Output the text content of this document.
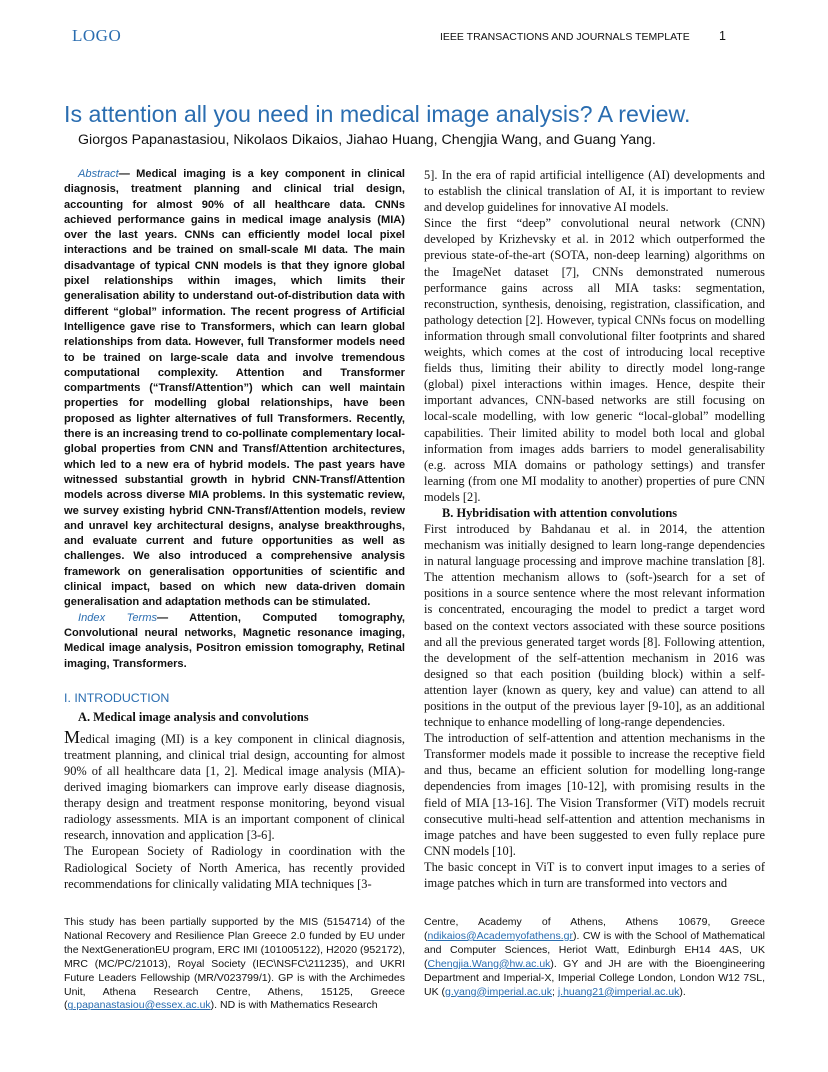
LOGO	IEEE TRANSACTIONS AND JOURNALS TEMPLATE 1
Is attention all you need in medical image analysis? A review.
Giorgos Papanastasiou, Nikolaos Dikaios, Jiahao Huang, Chengjia Wang, and Guang Yang.

Abstract— Medical imaging is a key component in clinical diagnosis, treatment planning and clinical trial design, accounting for almost 90% of all healthcare data. CNNs achieved performance gains in medical image analysis (MIA) over the last years. CNNs can efficiently model local pixel interactions and be trained on small-scale MI data. The main disadvantage of typical CNN models is that they ignore global pixel relationships within images, which limits their generalisation ability to understand out-of-distribution data with different “global” information. The recent progress of Artificial Intelligence gave rise to Transformers, which can learn global relationships from data. However, full Transformer models need to be trained on large-scale data and involve tremendous computational complexity. Attention and Transformer compartments (“Transf/Attention”) which can well maintain properties for modelling global relationships, have been proposed as lighter alternatives of full Transformers. Recently, there is an increasing trend to co-pollinate complementary local-global properties from CNN and Transf/Attention architectures, which led to a new era of hybrid models. The past years have witnessed substantial growth in hybrid CNN-Transf/Attention models across diverse MIA problems. In this systematic review, we survey existing hybrid CNN-Transf/Attention models, review and unravel key architectural designs, analyse breakthroughs, and evaluate current and future opportunities as well as challenges. We also introduced a comprehensive analysis framework on generalisation opportunities of scientific and clinical impact, based on which new data-driven domain generalisation and adaptation methods can be stimulated.

Index Terms— Attention, Computed tomography, Convolutional neural networks, Magnetic resonance imaging, Medical image analysis, Positron emission tomography, Retinal imaging, Transformers.

I. INTRODUCTION
A. Medical image analysis and convolutions

Medical imaging (MI) is a key component in clinical diagnosis, treatment planning, and clinical trial design, accounting for almost 90% of all healthcare data [1, 2]. Medical image analysis (MIA)-derived imaging biomarkers can improve early disease diagnosis, therapy design and treatment response monitoring, beyond visual radiology assessments. MIA is an important component of clinical research, innovation and application [3-6].

The European Society of Radiology in coordination with the Radiological Society of North America, has recently provided recommendations for clinically validating MIA techniques [3-

5]. In the era of rapid artificial intelligence (AI) developments and to establish the clinical translation of AI, it is important to review and develop guidelines for innovative AI models.

Since the first “deep” convolutional neural network (CNN) developed by Krizhevsky et al. in 2012 which outperformed the previous state-of-the-art (SOTA, non-deep learning) algorithms on the ImageNet dataset [7], CNNs demonstrated numerous performance gains across all MIA tasks: segmentation, reconstruction, synthesis, denoising, registration, classification, and pathology detection [2]. However, typical CNNs focus on modelling information through small convolutional filter footprints and shared weights, which comes at the cost of introducing local receptive fields thus, limiting their ability to directly model long-range (global) pixel interactions within images. Hence, despite their important advances, CNN-based networks are still focusing on local-scale modelling, with low generic “local-global” modelling capabilities. Their limited ability to model both local and global information from images adds barriers to model generalisability (e.g. across MIA domains or pathology settings) and transfer learning (from one MI modality to another) properties of pure CNN models [2].

B. Hybridisation with attention convolutions

First introduced by Bahdanau et al. in 2014, the attention mechanism was initially designed to learn long-range dependencies in natural language processing and improve machine translation [8]. The attention mechanism allows to (soft-)search for a set of positions in a source sentence where the most relevant information is concentrated, encouraging the model to predict a target word based on the context vectors associated with these source positions and all the previous generated target words [8]. Following attention, the development of the self-attention mechanism in 2016 was designed so that each position (building block) within a self-attention layer (known as query, key and value) can attend to all positions in the output of the previous layer [9-10], as an additional technique to enhance modelling of long-range dependencies.

The introduction of self-attention and attention mechanisms in the Transformer models made it possible to increase the receptive field and thus, became an efficient solution for modelling long-range dependencies from images [10-12], with promising results in the field of MIA [13-16]. The Vision Transformer (ViT) models recruit consecutive multi-head self-attention and attention mechanisms in image patches and have been suggested to even fully replace pure CNN models [10].

The basic concept in ViT is to convert input images to a series of image patches which in turn are transformed into vectors and

This study has been partially supported by the MIS (5154714) of the National Recovery and Resilience Plan Greece 2.0 funded by EU under the NextGenerationEU program, ERC IMI (101005122), H2020 (952172), MRC (MC/PC/21013), Royal Society (IEC\NSFC\211235), and UKRI Future Leaders Fellowship (MR/V023799/1). GP is with the Archimedes Unit, Athena Research Centre, Athens, 15125, Greece (g.papanastasiou@essex.ac.uk). ND is with Mathematics Research

Centre, Academy of Athens, Athens 10679, Greece (ndikaios@Academyofathens.gr). CW is with the School of Mathematical and Computer Sciences, Heriot Watt, Edinburgh EH14 4AS, UK (Chengjia.Wang@hw.ac.uk). GY and JH are with the Bioengineering Department and Imperial-X, Imperial College London, London W12 7SL, UK (g.yang@imperial.ac.uk; j.huang21@imperial.ac.uk).
